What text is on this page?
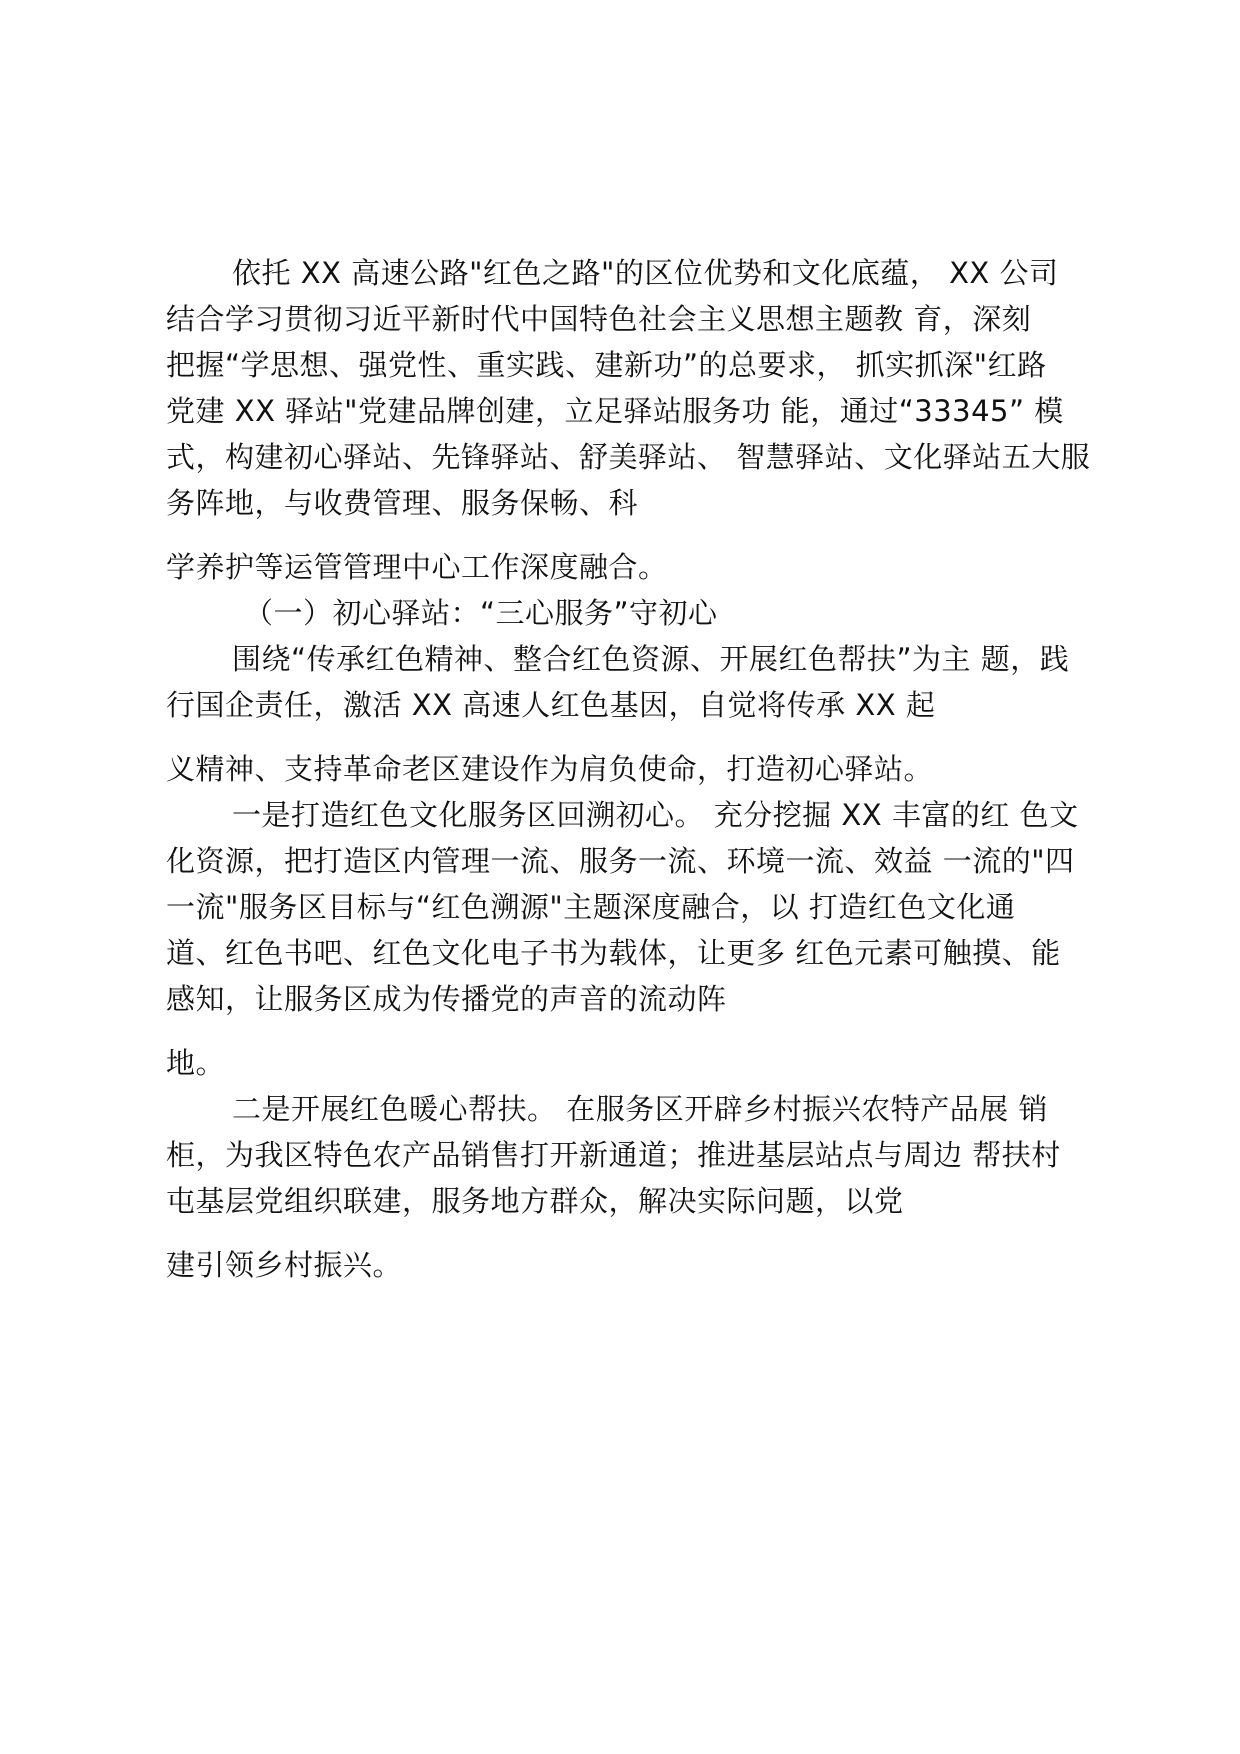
依托 XX 高速公路"红色之路"的区位优势和文化底蕴， XX 公司
结合学习贯彻习近平新时代中国特色社会主义思想主题教 育，深刻
把握“学思想、强党性、重实践、建新功”的总要求， 抓实抓深"红路
党建 XX 驿站"党建品牌创建，立足驿站服务功 能，通过“33345” 模
式，构建初心驿站、先锋驿站、舒美驿站、 智慧驿站、文化驿站五大服
务阵地，与收费管理、服务保畅、科
学养护等运管管理中心工作深度融合。
（一）初心驿站：“三心服务”守初心
围绕“传承红色精神、整合红色资源、开展红色帮扶”为主 题，践
行国企责任，激活 XX 高速人红色基因，自觉将传承 XX 起
义精神、支持革命老区建设作为肩负使命，打造初心驿站。
一是打造红色文化服务区回溯初心。 充分挖掘 XX 丰富的红 色文
化资源，把打造区内管理一流、服务一流、环境一流、效益 一流的"四
一流"服务区目标与“红色溯源"主题深度融合，以 打造红色文化通
道、红色书吧、红色文化电子书为载体，让更多 红色元素可触摸、能
感知，让服务区成为传播党的声音的流动阵
地。
二是开展红色暖心帮扶。 在服务区开辟乡村振兴农特产品展 销
柜，为我区特色农产品销售打开新通道；推进基层站点与周边 帮扶村
屯基层党组织联建，服务地方群众，解决实际问题，以党
建引领乡村振兴。
